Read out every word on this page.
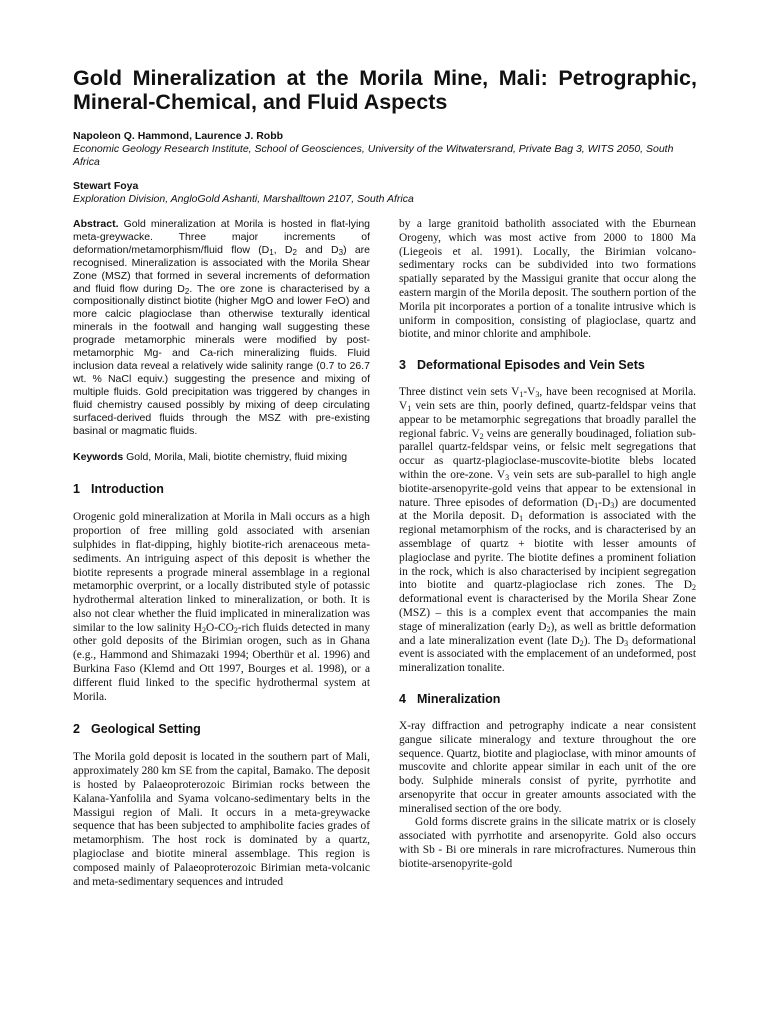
Gold Mineralization at the Morila Mine, Mali: Petrographic, Mineral-Chemical, and Fluid Aspects
Napoleon Q. Hammond, Laurence J. Robb
Economic Geology Research Institute, School of Geosciences, University of the Witwatersrand, Private Bag 3, WITS 2050, South Africa
Stewart Foya
Exploration Division, AngloGold Ashanti, Marshalltown 2107, South Africa

Abstract. Gold mineralization at Morila is hosted in flat-lying meta-greywacke. Three major increments of deformation/metamorphism/fluid flow ($D_1$, $D_2$ and $D_3$) are recognised. Mineralization is associated with the Morila Shear Zone (MSZ) that formed in several increments of deformation and fluid flow during $D_2$. The ore zone is characterised by a compositionally distinct biotite (higher MgO and lower FeO) and more calcic plagioclase than otherwise texturally identical minerals in the footwall and hanging wall suggesting these prograde metamorphic minerals were modified by post-metamorphic Mg- and Ca-rich mineralizing fluids. Fluid inclusion data reveal a relatively wide salinity range (0.7 to 26.7 wt. % NaCl equiv.) suggesting the presence and mixing of multiple fluids. Gold precipitation was triggered by changes in fluid chemistry caused possibly by mixing of deep circulating surfaced-derived fluids through the MSZ with pre-existing basinal or magmatic fluids.

Keywords Gold, Morila, Mali, biotite chemistry, fluid mixing

1 Introduction

Orogenic gold mineralization at Morila in Mali occurs as a high proportion of free milling gold associated with arsenian sulphides in flat-dipping, highly biotite-rich arenaceous meta-sediments. An intriguing aspect of this deposit is whether the biotite represents a prograde mineral assemblage in a regional metamorphic overprint, or a locally distributed style of potassic hydrothermal alteration linked to mineralization, or both. It is also not clear whether the fluid implicated in mineralization was similar to the low salinity $H_2O-CO_2$-rich fluids detected in many other gold deposits of the Birimian orogen, such as in Ghana (e.g., Hammond and Shimazaki 1994; Oberthür et al. 1996) and Burkina Faso (Klemd and Ott 1997, Bourges et al. 1998), or a different fluid linked to the specific hydrothermal system at Morila.

2 Geological Setting

The Morila gold deposit is located in the southern part of Mali, approximately 280 km SE from the capital, Bamako. The deposit is hosted by Palaeoproterozoic Birimian rocks between the Kalana-Yanfolila and Syama volcano-sedimentary belts in the Massigui region of Mali. It occurs in a meta-greywacke sequence that has been subjected to amphibolite facies grades of metamorphism. The host rock is dominated by a quartz, plagioclase and biotite mineral assemblage. This region is composed mainly of Palaeoproterozoic Birimian meta-volcanic and meta-sedimentary sequences and intruded

by a large granitoid batholith associated with the Eburnean Orogeny, which was most active from 2000 to 1800 Ma (Liegeois et al. 1991). Locally, the Birimian volcano-sedimentary rocks can be subdivided into two formations spatially separated by the Massigui granite that occur along the eastern margin of the Morila deposit. The southern portion of the Morila pit incorporates a portion of a tonalite intrusive which is uniform in composition, consisting of plagioclase, quartz and biotite, and minor chlorite and amphibole.

3 Deformational Episodes and Vein Sets

Three distinct vein sets $V_1-V_3$, have been recognised at Morila. $V_1$ vein sets are thin, poorly defined, quartz-feldspar veins that appear to be metamorphic segregations that broadly parallel the regional fabric. $V_2$ veins are generally boudinaged, foliation sub-parallel quartz-feldspar veins, or felsic melt segregations that occur as quartz-plagioclase-muscovite-biotite blebs located within the ore-zone. $V_3$ vein sets are sub-parallel to high angle biotite-arsenopyrite-gold veins that appear to be extensional in nature. Three episodes of deformation $(D_1-D_3)$ are documented at the Morila deposit. $D_1$ deformation is associated with the regional metamorphism of the rocks, and is characterised by an assemblage of quartz + biotite with lesser amounts of plagioclase and pyrite. The biotite defines a prominent foliation in the rock, which is also characterised by incipient segregation into biotite and quartz-plagioclase rich zones. The $D_2$ deformational event is characterised by the Morila Shear Zone (MSZ) – this is a complex event that accompanies the main stage of mineralization (early $D_2$), as well as brittle deformation and a late mineralization event (late $D_2$). The $D_3$ deformational event is associated with the emplacement of an undeformed, post mineralization tonalite.

4 Mineralization

X-ray diffraction and petrography indicate a near consistent gangue silicate mineralogy and texture throughout the ore sequence. Quartz, biotite and plagioclase, with minor amounts of muscovite and chlorite appear similar in each unit of the ore body. Sulphide minerals consist of pyrite, pyrrhotite and arsenopyrite that occur in greater amounts associated with the mineralised section of the ore body.

Gold forms discrete grains in the silicate matrix or is closely associated with pyrrhotite and arsenopyrite. Gold also occurs with Sb - Bi ore minerals in rare microfractures. Numerous thin biotite-arsenopyrite-gold
